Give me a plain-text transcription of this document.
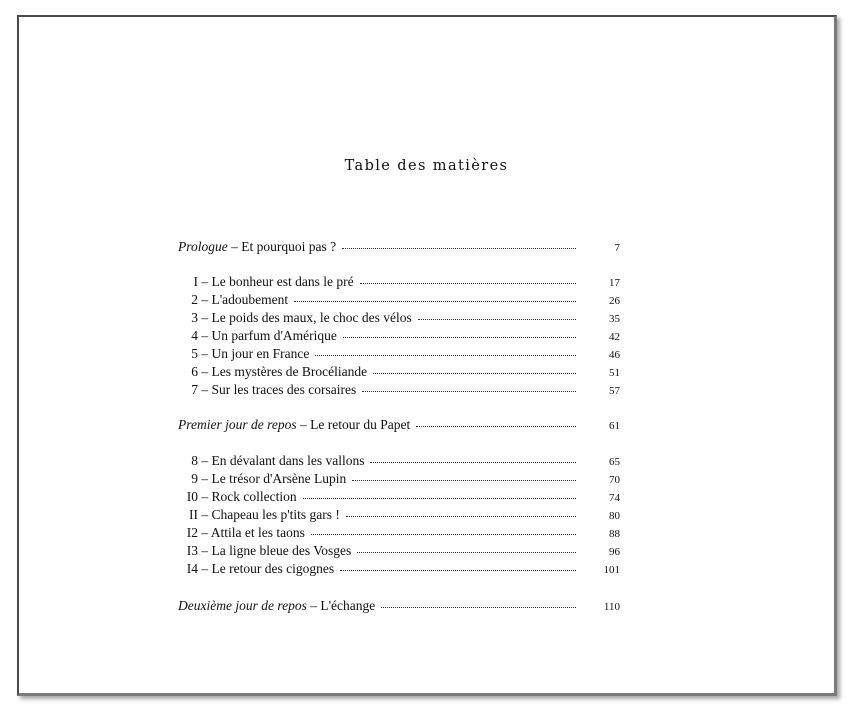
Table des matières
Prologue – Et pourquoi pas ?	7
I – Le bonheur est dans le pré	17
2 – L'adoubement	26
3 – Le poids des maux, le choc des vélos	35
4 – Un parfum d'Amérique	42
5 – Un jour en France	46
6 – Les mystères de Brocéliande	51
7 – Sur les traces des corsaires	57
Premier jour de repos – Le retour du Papet	61
8 – En dévalant dans les vallons	65
9 – Le trésor d'Arsène Lupin	70
I0 – Rock collection	74
II – Chapeau les p'tits gars !	80
I2 – Attila et les taons	88
I3 – La ligne bleue des Vosges	96
I4 – Le retour des cigognes	101
Deuxième jour de repos – L'échange	110
